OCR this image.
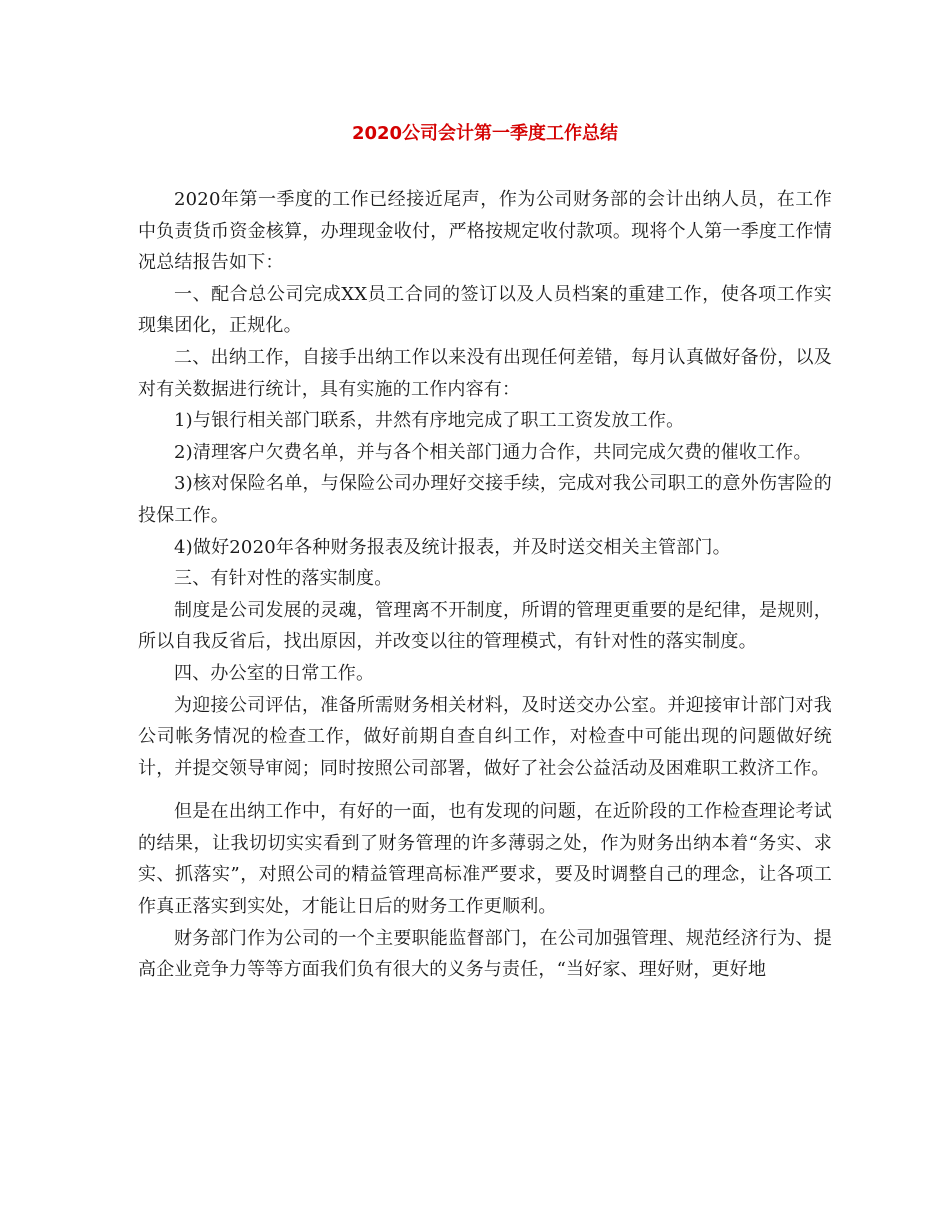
2020公司会计第一季度工作总结

2020年第一季度的工作已经接近尾声，作为公司财务部的会计出纳人员，在工作中负责货币资金核算，办理现金收付，严格按规定收付款项。现将个人第一季度工作情况总结报告如下：

一、配合总公司完成XX员工合同的签订以及人员档案的重建工作，使各项工作实现集团化，正规化。

二、出纳工作，自接手出纳工作以来没有出现任何差错，每月认真做好备份，以及对有关数据进行统计，具有实施的工作内容有：

1)与银行相关部门联系，井然有序地完成了职工工资发放工作。

2)清理客户欠费名单，并与各个相关部门通力合作，共同完成欠费的催收工作。

3)核对保险名单，与保险公司办理好交接手续，完成对我公司职工的意外伤害险的投保工作。

4)做好2020年各种财务报表及统计报表，并及时送交相关主管部门。

三、有针对性的落实制度。

制度是公司发展的灵魂，管理离不开制度，所谓的管理更重要的是纪律，是规则，所以自我反省后，找出原因，并改变以往的管理模式，有针对性的落实制度。

四、办公室的日常工作。

为迎接公司评估，准备所需财务相关材料，及时送交办公室。并迎接审计部门对我公司帐务情况的检查工作，做好前期自查自纠工作，对检查中可能出现的问题做好统计，并提交领导审阅；同时按照公司部署，做好了社会公益活动及困难职工救济工作。

但是在出纳工作中，有好的一面，也有发现的问题，在近阶段的工作检查理论考试的结果，让我切切实实看到了财务管理的许多薄弱之处，作为财务出纳本着“务实、求实、抓落实”，对照公司的精益管理高标准严要求，要及时调整自己的理念，让各项工作真正落实到实处，才能让日后的财务工作更顺利。

财务部门作为公司的一个主要职能监督部门，在公司加强管理、规范经济行为、提高企业竞争力等等方面我们负有很大的义务与责任，“当好家、理好财，更好地
